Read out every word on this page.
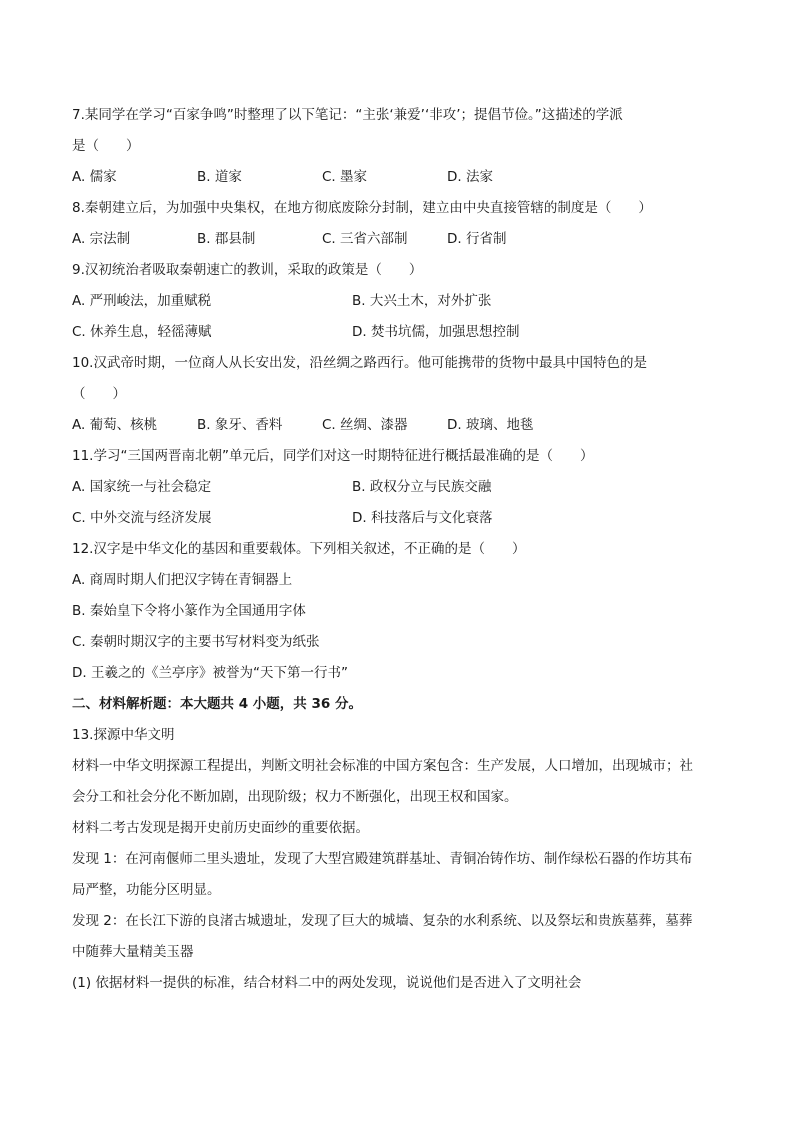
7.某同学在学习“百家争鸣”时整理了以下笔记：“主张‘兼爱’‘非攻’；提倡节俭。”这描述的学派
是（　　）
A. 儒家	B. 道家	C. 墨家	D. 法家
8.秦朝建立后，为加强中央集权，在地方彻底废除分封制，建立由中央直接管辖的制度是（　　）
A. 宗法制	B. 郡县制	C. 三省六部制	D. 行省制
9.汉初统治者吸取秦朝速亡的教训，采取的政策是（　　）
A. 严刑峻法，加重赋税	B. 大兴土木，对外扩张
C. 休养生息，轻徭薄赋	D. 焚书坑儒，加强思想控制
10.汉武帝时期，一位商人从长安出发，沿丝绸之路西行。他可能携带的货物中最具中国特色的是
（　　）
A. 葡萄、核桃	B. 象牙、香料	C. 丝绸、漆器	D. 玻璃、地毯
11.学习“三国两晋南北朝”单元后，同学们对这一时期特征进行概括最准确的是（　　）
A. 国家统一与社会稳定	B. 政权分立与民族交融
C. 中外交流与经济发展	D. 科技落后与文化衰落
12.汉字是中华文化的基因和重要载体。下列相关叙述，不正确的是（　　）
A. 商周时期人们把汉字铸在青铜器上
B. 秦始皇下令将小篆作为全国通用字体
C. 秦朝时期汉字的主要书写材料变为纸张
D. 王羲之的《兰亭序》被誉为“天下第一行书”
二、材料解析题：本大题共 4 小题，共 36 分。
13.探源中华文明
材料一中华文明探源工程提出，判断文明社会标准的中国方案包含：生产发展，人口增加，出现城市；社
会分工和社会分化不断加剧，出现阶级；权力不断强化，出现王权和国家。
材料二考古发现是揭开史前历史面纱的重要依据。
发现 1：在河南偃师二里头遗址，发现了大型宫殿建筑群基址、青铜冶铸作坊、制作绿松石器的作坊其布
局严整，功能分区明显。
发现 2：在长江下游的良渚古城遗址，发现了巨大的城墙、复杂的水利系统、以及祭坛和贵族墓葬，墓葬
中随葬大量精美玉器
(1) 依据材料一提供的标准，结合材料二中的两处发现，说说他们是否进入了文明社会
